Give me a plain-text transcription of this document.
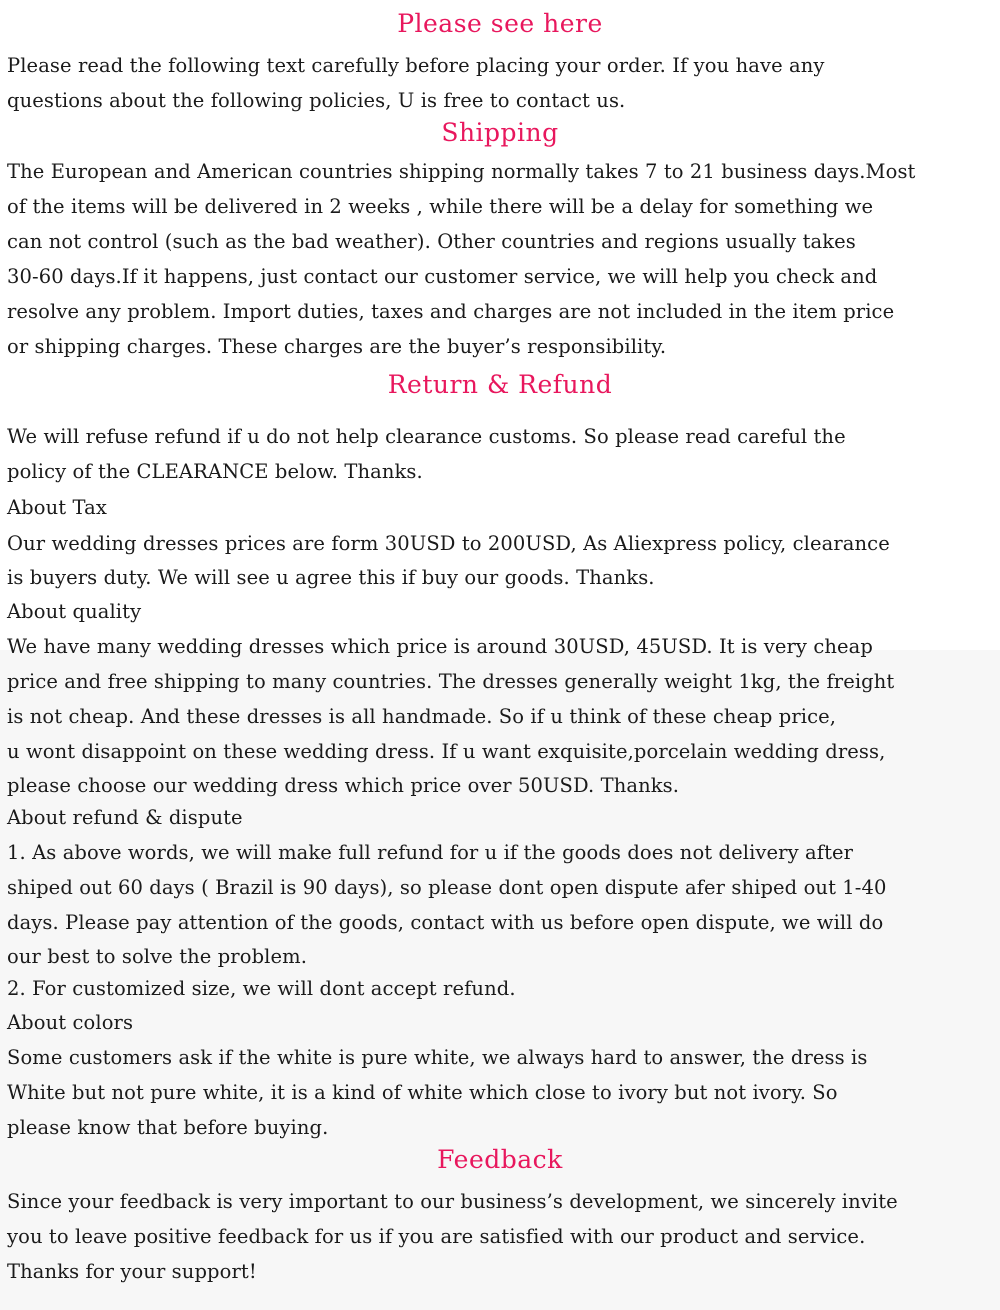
Please see here
Please read the following text carefully before placing your order. If you have any
questions about the following policies, U is free to contact us.
Shipping
The European and American countries shipping normally takes 7 to 21 business days.Most
of the items will be delivered in 2 weeks , while there will be a delay for something we
can not control (such as the bad weather). Other countries and regions usually takes
30-60 days.If it happens, just contact our customer service, we will help you check and
resolve any problem. Import duties, taxes and charges are not included in the item price
or shipping charges. These charges are the buyer’s responsibility.
Return & Refund
We will refuse refund if u do not help clearance customs. So please read careful the
policy of the CLEARANCE below. Thanks.
About Tax
Our wedding dresses prices are form 30USD to 200USD, As Aliexpress policy, clearance
is buyers duty. We will see u agree this if buy our goods. Thanks.
About quality
We have many wedding dresses which price is around 30USD, 45USD. It is very cheap
price and free shipping to many countries. The dresses generally weight 1kg, the freight
is not cheap. And these dresses is all handmade. So if u think of these cheap price,
u wont disappoint on these wedding dress. If u want exquisite,porcelain wedding dress,
please choose our wedding dress which price over 50USD. Thanks.
About refund & dispute
1. As above words, we will make full refund for u if the goods does not delivery after
shiped out 60 days ( Brazil is 90 days), so please dont open dispute afer shiped out 1-40
days. Please pay attention of the goods, contact with us before open dispute, we will do
our best to solve the problem.
2. For customized size, we will dont accept refund.
About colors
Some customers ask if the white is pure white, we always hard to answer, the dress is
White but not pure white, it is a kind of white which close to ivory but not ivory. So
please know that before buying.
Feedback
Since your feedback is very important to our business’s development, we sincerely invite
you to leave positive feedback for us if you are satisfied with our product and service.
Thanks for your support!
